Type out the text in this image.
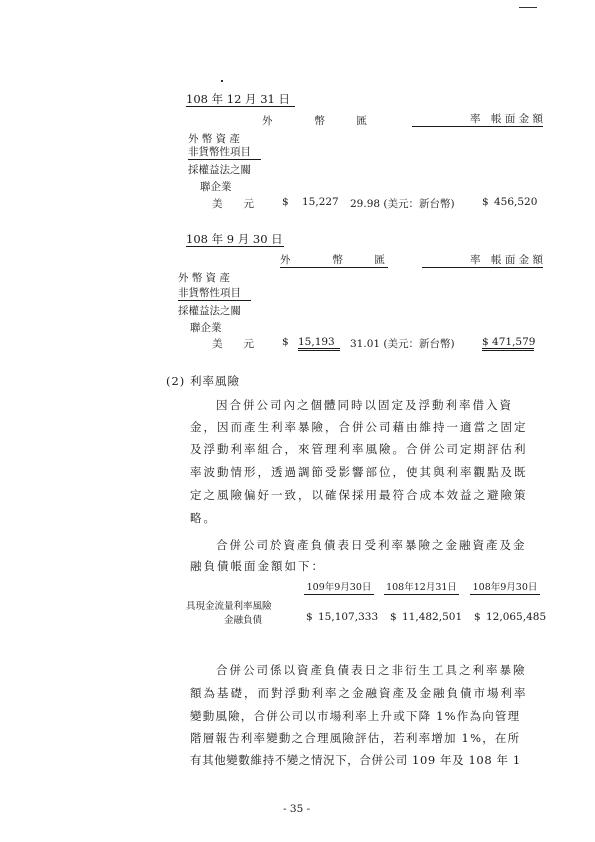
108 年 12 月 31 日
外　　　　幣　　　匯	率　帳 面 金 額
外 幣 資 產
非貨幣性項目
採權益法之關
聯企業
美　　元	$ 15,227 29.98 (美元：新台幣)	$ 456,520
108 年 9 月 30 日
外　　　　幣　　　匯	率　帳 面 金 額
外 幣 資 產
非貨幣性項目
採權益法之關
聯企業
美　　元	$ 15,193	31.01 (美元：新台幣)	$ 471,579
(2) 利率風險
因合併公司內之個體同時以固定及浮動利率借入資
金，因而產生利率暴險，合併公司藉由維持一適當之固定
及浮動利率組合，來管理利率風險。合併公司定期評估利
率波動情形，透過調節受影響部位，使其與利率觀點及既
定之風險偏好一致，以確保採用最符合成本效益之避險策
略。
合併公司於資產負債表日受利率暴險之金融資產及金
融負債帳面金額如下：
109年9月30日 108年12月31日 108年9月30日
具現金流量利率風險
金融負債	$ 15,107,333 $ 11,482,501 $ 12,065,485
合併公司係以資產負債表日之非衍生工具之利率暴險
額為基礎，而對浮動利率之金融資產及金融負債市場利率
變動風險，合併公司以市場利率上升或下降 1%作為向管理
階層報告利率變動之合理風險評估，若利率增加 1%，在所
有其他變數維持不變之情況下，合併公司 109 年及 108 年 1
- 35 -
